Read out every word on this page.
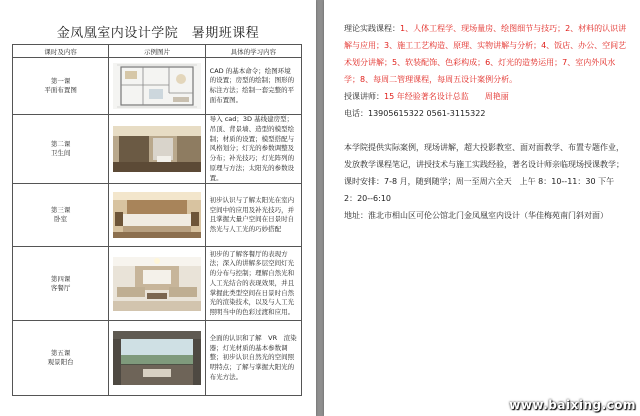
金凤凰室内设计学院　暑期班课程
课时及内容	示例图片	具体的学习内容

第一课
平面布置图		CAD 的基本命令；绘图环境的设置；房型的绘制；图形的标注方法；绘制一套完整的平面布置图。

第二课
卫生间		导入 cad；3D 基线建房型；吊顶、背景墙、造型的模型绘制；材质的设置；模型搭配与风格划分；灯光的参数调整及分布；补光技巧；灯光阵列的原理与方法；太阳光的参数设置。

第三课
卧室		初步认识与了解太阳光在室内空间中的应用及补光技巧，并且掌握大量户空间在日景时自然光与人工光的巧妙搭配

第四课
客餐厅		初步的了解客餐厅的表现方法；深入的讲解多层空间灯光的分布与控制；理解自然光和人工光结合的表现效果，并且掌握此类型空间在日景时自然光的渲染技术，以及与人工光照明当中的色彩过渡和应用。

第五课
观景阳台		全面的认识和了解　VR　渲染器；灯光材质的基本参数调整；初步认识自然光的空间照明特点；了解与掌握大阳光的布光方法。

理论实践课程：1、人体工程学、现场量房、绘图细节与技巧；2、材料的认识讲解与应用；3、施工工艺构造、原理、实物讲解与分析；4、饭店、办公、空间艺术划分讲解；5、软装配饰、色彩构成；6、灯光的造势运用；7、室内外风水学；8、每周二管理课程，每周五设计案例分析。

授课讲师：15 年经验著名设计总监　　周艳丽

电话：13905615322 0561-3115322

本学院提供实际案例，现场讲解，超大投影教室、面对面教学、布置专题作业，发放教学课程笔记，讲授技术与施工实践经验，著名设计师亲临现场授课教学；

课时安排：7-8 月，随到随学；周一至周六全天　上午 8：10--11：30 下午 2：20--6:10

地址：淮北市相山区可伦公馆北门金凤凰室内设计（华佳梅苑南门斜对面）

www.baixing.com
